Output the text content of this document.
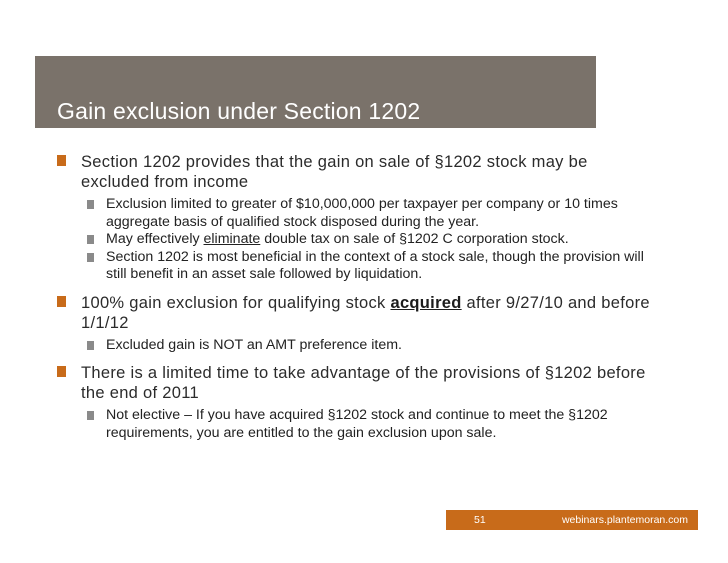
Gain exclusion under Section 1202
Section 1202 provides that the gain on sale of §1202 stock may be excluded from income
Exclusion limited to greater of $10,000,000 per taxpayer per company or 10 times aggregate basis of qualified stock disposed during the year.
May effectively eliminate double tax on sale of §1202 C corporation stock.
Section 1202 is most beneficial in the context of a stock sale, though the provision will still benefit in an asset sale followed by liquidation.
100% gain exclusion for qualifying stock acquired after 9/27/10 and before 1/1/12
Excluded gain is NOT an AMT preference item.
There is a limited time to take advantage of the provisions of §1202 before the end of 2011
Not elective – If you have acquired §1202 stock and continue to meet the §1202 requirements, you are entitled to the gain exclusion upon sale.
51	webinars.plantemoran.com
